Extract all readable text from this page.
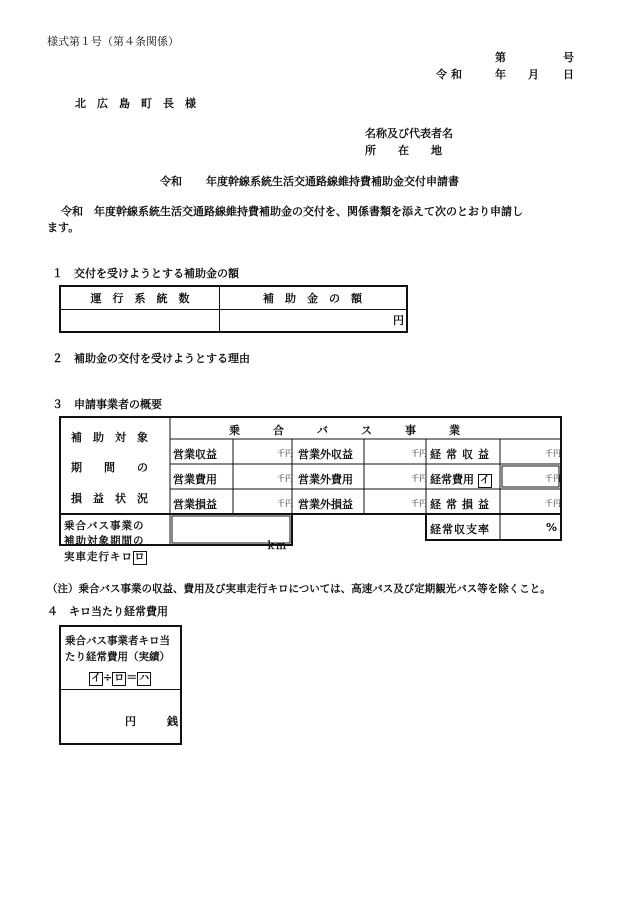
様式第１号（第４条関係）
第	号
令和	年 月 日
北　広　島　町　長　様
名称及び代表者名
所　　在　　地
令和 年度幹線系統生活交通路線維持費補助金交付申請書
令和　年度幹線系統生活交通路線維持費補助金の交付を、関係書類を添えて次のとおり申請し
ます。
１　交付を受けようとする補助金の額
運　行　系　統　数	補　助　金　の　額
円
２　補助金の交付を受けようとする理由
３　申請事業者の概要
補　助　対　象
期　　間　　の
損　益　状　況
乗　　　合　　　バ　　　ス　　　事　　　業
営業収益	千円 営業外収益	千円 経常収益	千円
営業費用	千円 営業外費用	千円 経常費用 イ	千円
営業損益	千円 営業外損益	千円 経常損益	千円
乗合バス事業の
補助対象期間の
実車走行キロ ロ
ｋｍ
経常収支率	%
（注）乗合バス事業の収益、費用及び実車走行キロについては、高速バス及び定期観光バス等を除くこと。
４　キロ当たり経常費用
乗合バス事業者キロ当
たり経常費用（実績）
イ ÷ ロ ＝ ハ
円	銭
